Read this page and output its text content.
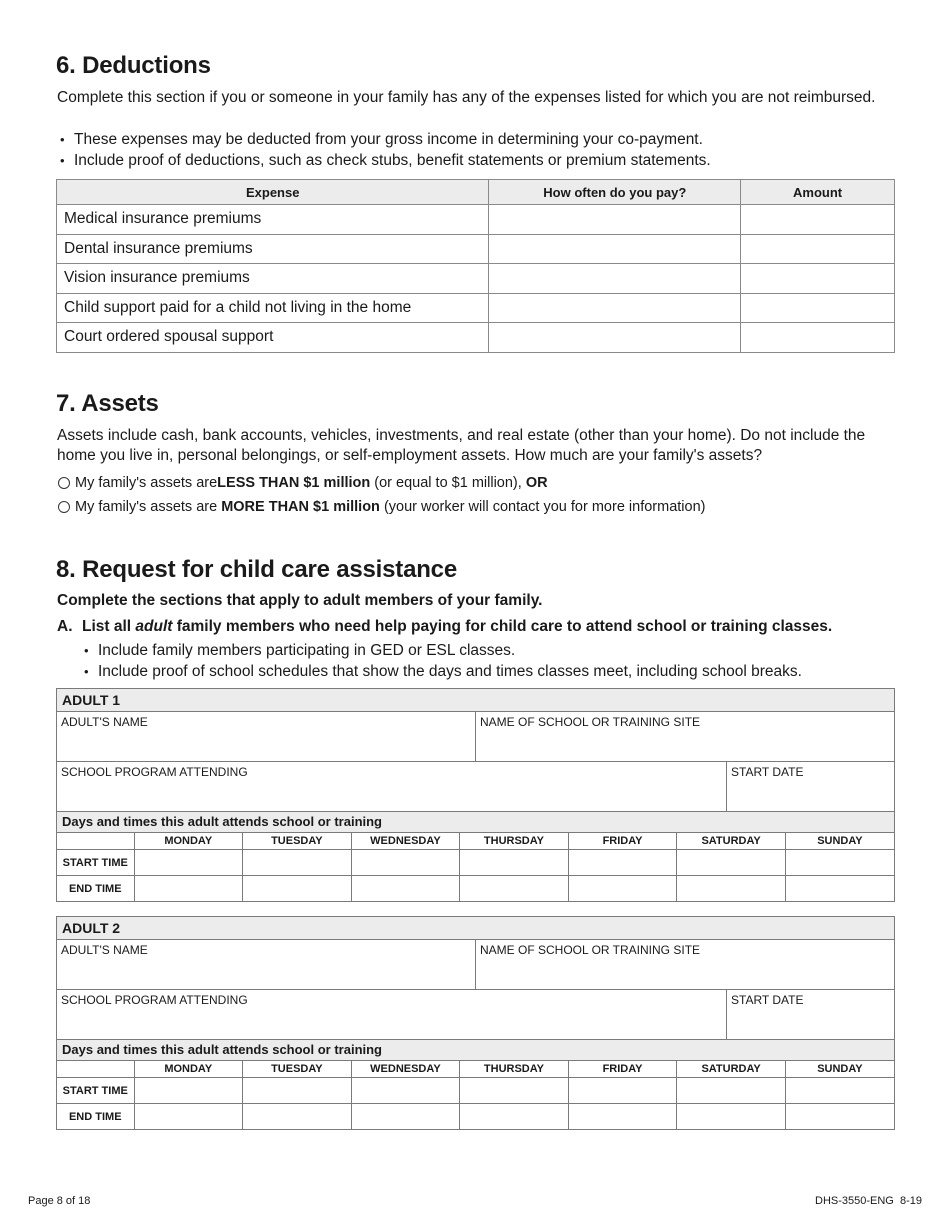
6. Deductions

Complete this section if you or someone in your family has any of the expenses listed for which you are not reimbursed.

• These expenses may be deducted from your gross income in determining your co-payment.
• Include proof of deductions, such as check stubs, benefit statements or premium statements.
Expense	How often do you pay?	Amount
Medical insurance premiums		
Dental insurance premiums		
Vision insurance premiums		
Child support paid for a child not living in the home		
Court ordered spousal support		
7. Assets

Assets include cash, bank accounts, vehicles, investments, and real estate (other than your home). Do not include the home you live in, personal belongings, or self-employment assets. How much are your family's assets?

My family's assets are LESS THAN $1 million (or equal to $1 million), OR
My family's assets are MORE THAN $1 million (your worker will contact you for more information)
8. Request for child care assistance

Complete the sections that apply to adult members of your family.

A. List all adult family members who need help paying for child care to attend school or training classes.

• Include family members participating in GED or ESL classes.
• Include proof of school schedules that show the days and times classes meet, including school breaks.
ADULT 1
ADULT'S NAME	NAME OF SCHOOL OR TRAINING SITE
SCHOOL PROGRAM ATTENDING	START DATE
Days and times this adult attends school or training
	MONDAY	TUESDAY	WEDNESDAY	THURSDAY	FRIDAY	SATURDAY	SUNDAY
START TIME							
END TIME							
ADULT 2
ADULT'S NAME	NAME OF SCHOOL OR TRAINING SITE
SCHOOL PROGRAM ATTENDING	START DATE
Days and times this adult attends school or training
	MONDAY	TUESDAY	WEDNESDAY	THURSDAY	FRIDAY	SATURDAY	SUNDAY
START TIME							
END TIME							
Page 8 of 18	DHS-3550-ENG  8-19
